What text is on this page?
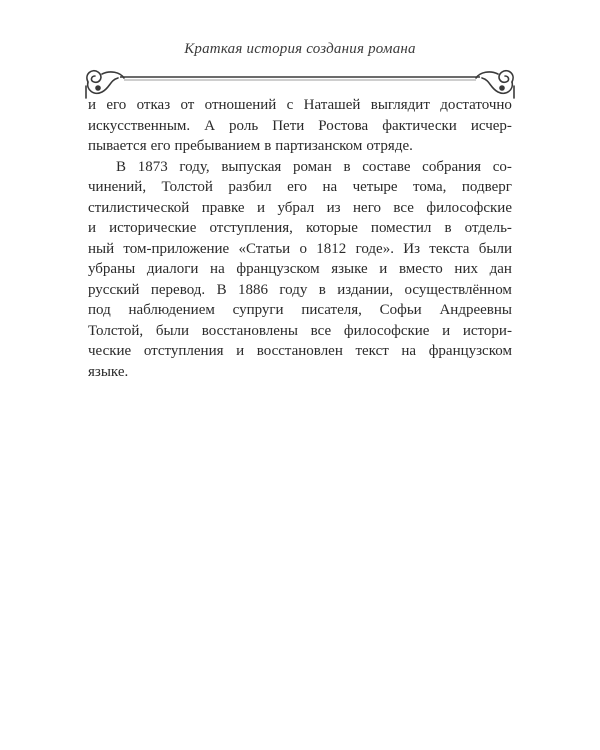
Краткая история создания романа
и его отказ от отношений с Наташей выглядит достаточно
искусственным. А роль Пети Ростова фактически исчер-
пывается его пребыванием в партизанском отряде.
В 1873 году, выпуская роман в составе собрания со-
чинений, Толстой разбил его на четыре тома, подверг
стилистической правке и убрал из него все философские
и исторические отступления, которые поместил в отдель-
ный том-приложение «Статьи о 1812 годе». Из текста были
убраны диалоги на французском языке и вместо них дан
русский перевод. В 1886 году в издании, осуществлённом
под наблюдением супруги писателя, Софьи Андреевны
Толстой, были восстановлены все философские и истори-
ческие отступления и восстановлен текст на французском
языке.
